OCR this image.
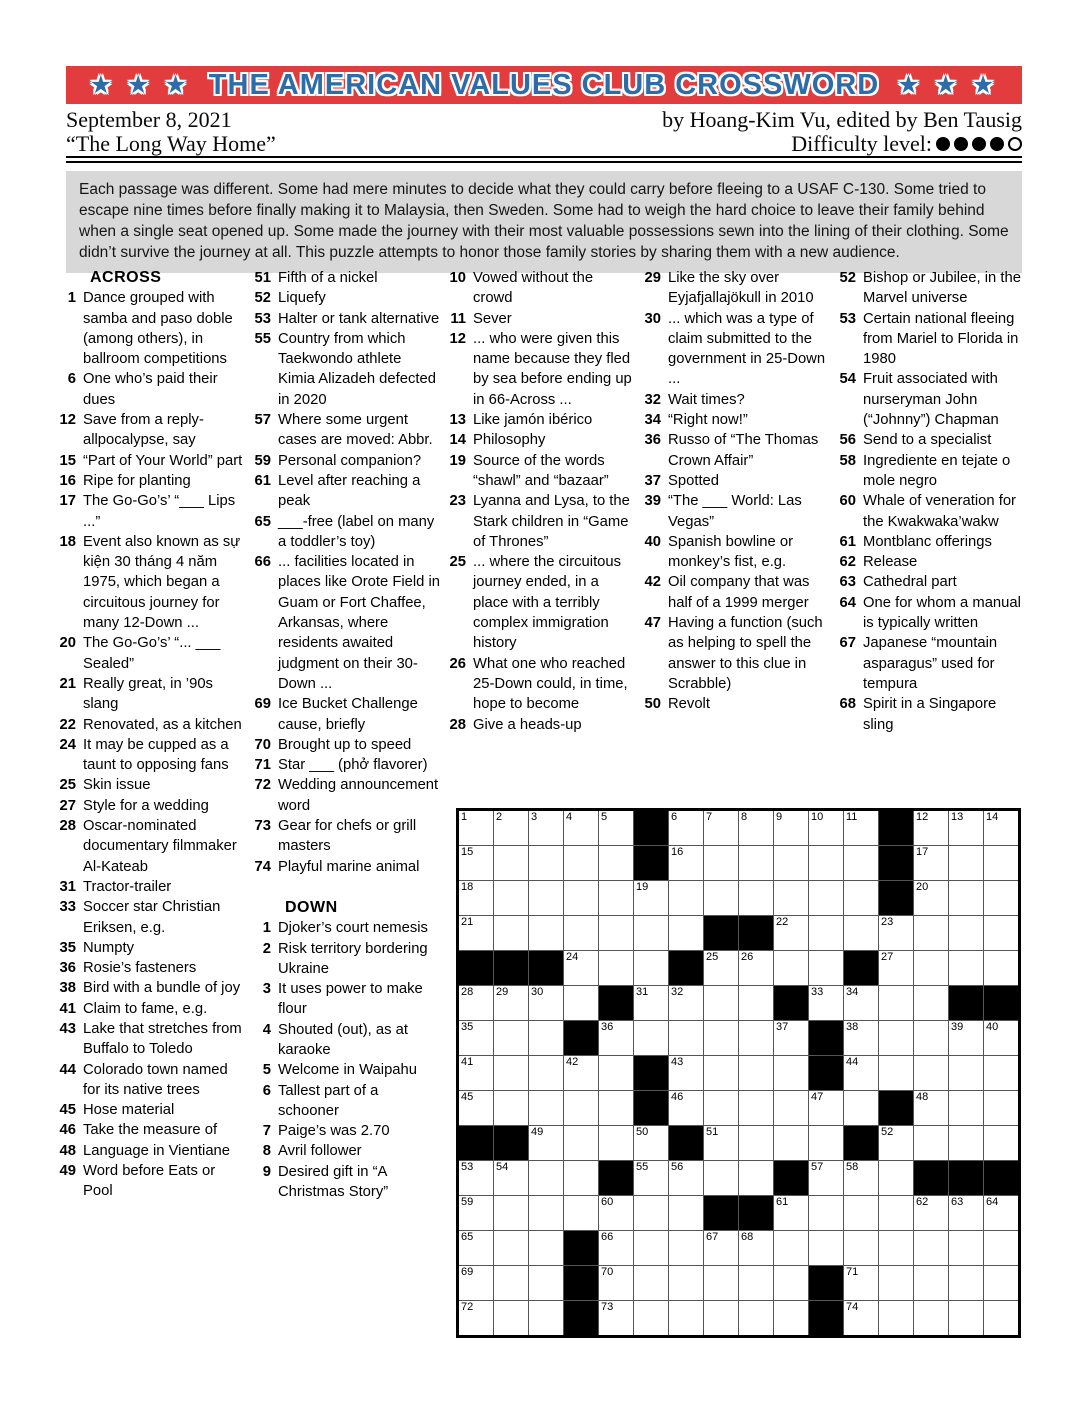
★ ★ ★ THE AMERICAN VALUES CLUB CROSSWORD ★ ★ ★
September 8, 2021	by Hoang-Kim Vu, edited by Ben Tausig
“The Long Way Home”	Difficulty level:
Each passage was different. Some had mere minutes to decide what they could carry before fleeing to a USAF C-130. Some tried to escape nine times before finally making it to Malaysia, then Sweden. Some had to weigh the hard choice to leave their family behind when a single seat opened up. Some made the journey with their most valuable possessions sewn into the lining of their clothing. Some didn’t survive the journey at all. This puzzle attempts to honor those family stories by sharing them with a new audience.
ACROSS
1 Dance grouped with samba and paso doble (among others), in ballroom competitions
6 One who’s paid their dues
12 Save from a reply-allpocalypse, say
15 “Part of Your World” part
16 Ripe for planting
17 The Go-Go’s’ “___ Lips ...”
18 Event also known as sự kiện 30 tháng 4 năm 1975, which began a circuitous journey for many 12-Down ...
20 The Go-Go’s’ “... ___ Sealed”
21 Really great, in ’90s slang
22 Renovated, as a kitchen
24 It may be cupped as a taunt to opposing fans
25 Skin issue
27 Style for a wedding
28 Oscar-nominated documentary filmmaker Al-Kateab
31 Tractor-trailer
33 Soccer star Christian Eriksen, e.g.
35 Numpty
36 Rosie’s fasteners
38 Bird with a bundle of joy
41 Claim to fame, e.g.
43 Lake that stretches from Buffalo to Toledo
44 Colorado town named for its native trees
45 Hose material
46 Take the measure of
48 Language in Vientiane
49 Word before Eats or Pool
51 Fifth of a nickel
52 Liquefy
53 Halter or tank alternative
55 Country from which Taekwondo athlete Kimia Alizadeh defected in 2020
57 Where some urgent cases are moved: Abbr.
59 Personal companion?
61 Level after reaching a peak
65 ___-free (label on many a toddler’s toy)
66 ... facilities located in places like Orote Field in Guam or Fort Chaffee, Arkansas, where residents awaited judgment on their 30-Down ...
69 Ice Bucket Challenge cause, briefly
70 Brought up to speed
71 Star ___ (phở flavorer)
72 Wedding announcement word
73 Gear for chefs or grill masters
74 Playful marine animal
DOWN
1 Djoker’s court nemesis
2 Risk territory bordering Ukraine
3 It uses power to make flour
4 Shouted (out), as at karaoke
5 Welcome in Waipahu
6 Tallest part of a schooner
7 Paige’s was 2.70
8 Avril follower
9 Desired gift in “A Christmas Story”
10 Vowed without the crowd
11 Sever
12 ... who were given this name because they fled by sea before ending up in 66-Across ...
13 Like jamón ibérico
14 Philosophy
19 Source of the words “shawl” and “bazaar”
23 Lyanna and Lysa, to the Stark children in “Game of Thrones”
25 ... where the circuitous journey ended, in a place with a terribly complex immigration history
26 What one who reached 25-Down could, in time, hope to become
28 Give a heads-up
29 Like the sky over Eyjafjallajökull in 2010
30 ... which was a type of claim submitted to the government in 25-Down ...
32 Wait times?
34 “Right now!”
36 Russo of “The Thomas Crown Affair”
37 Spotted
39 “The ___ World: Las Vegas”
40 Spanish bowline or monkey’s fist, e.g.
42 Oil company that was half of a 1999 merger
47 Having a function (such as helping to spell the answer to this clue in Scrabble)
50 Revolt
52 Bishop or Jubilee, in the Marvel universe
53 Certain national fleeing from Mariel to Florida in 1980
54 Fruit associated with nurseryman John (“Johnny”) Chapman
56 Send to a specialist
58 Ingrediente en tejate o mole negro
60 Whale of veneration for the Kwakwaka’wakw
61 Montblanc offerings
62 Release
63 Cathedral part
64 One for whom a manual is typically written
67 Japanese “mountain asparagus” used for tempura
68 Spirit in a Singapore sling
1	2	3	4	5	6	7	8	9	10 11	12 13 14
15	16	17
18	19	20
21	22	23
24	25 26	27
28 29 30	31 32	33 34
35	36	37	38	39 40
41	42	43	44
45	46	47	48
49	50	51	52
53 54	55 56	57 58
59	60	61	62 63 64
65	66	67 68
69	70	71
72	73	74
